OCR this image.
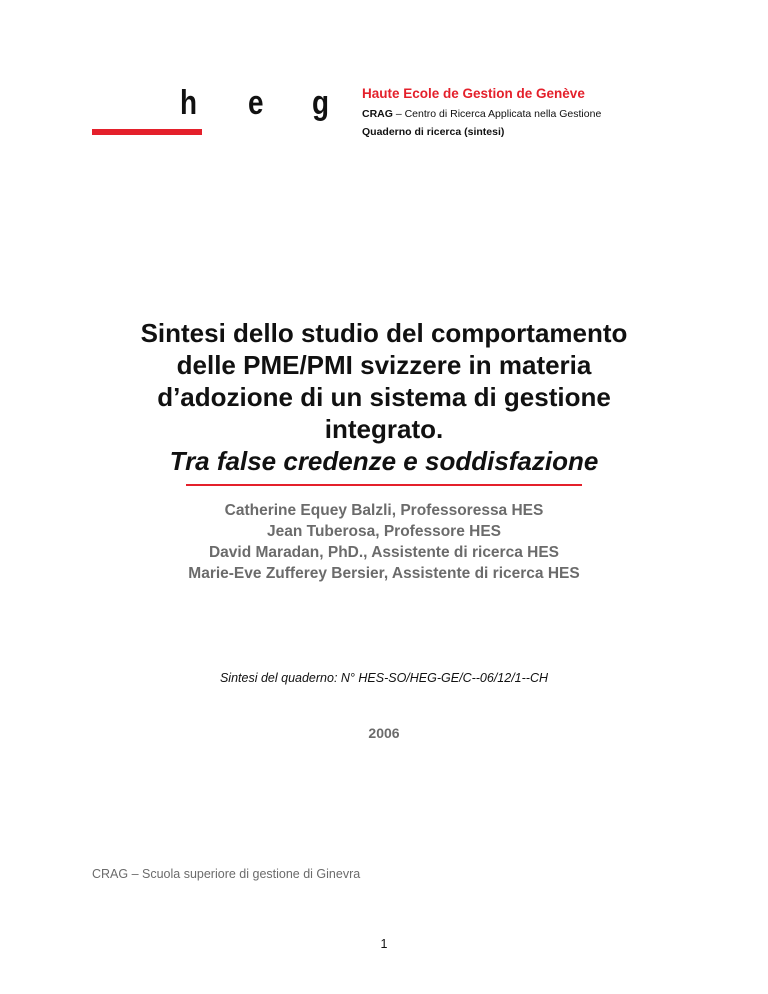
h e g Haute Ecole de Gestion de Genève
CRAG – Centro di Ricerca Applicata nella Gestione
Quaderno di ricerca (sintesi)
Sintesi dello studio del comportamento
delle PME/PMI svizzere in materia
d’adozione di un sistema di gestione
integrato.
Tra false credenze e soddisfazione
Catherine Equey Balzli, Professoressa HES
Jean Tuberosa, Professore HES
David Maradan, PhD., Assistente di ricerca HES
Marie-Eve Zufferey Bersier, Assistente di ricerca HES
Sintesi del quaderno: N° HES-SO/HEG-GE/C--06/12/1--CH
2006
CRAG – Scuola superiore di gestione di Ginevra
1
